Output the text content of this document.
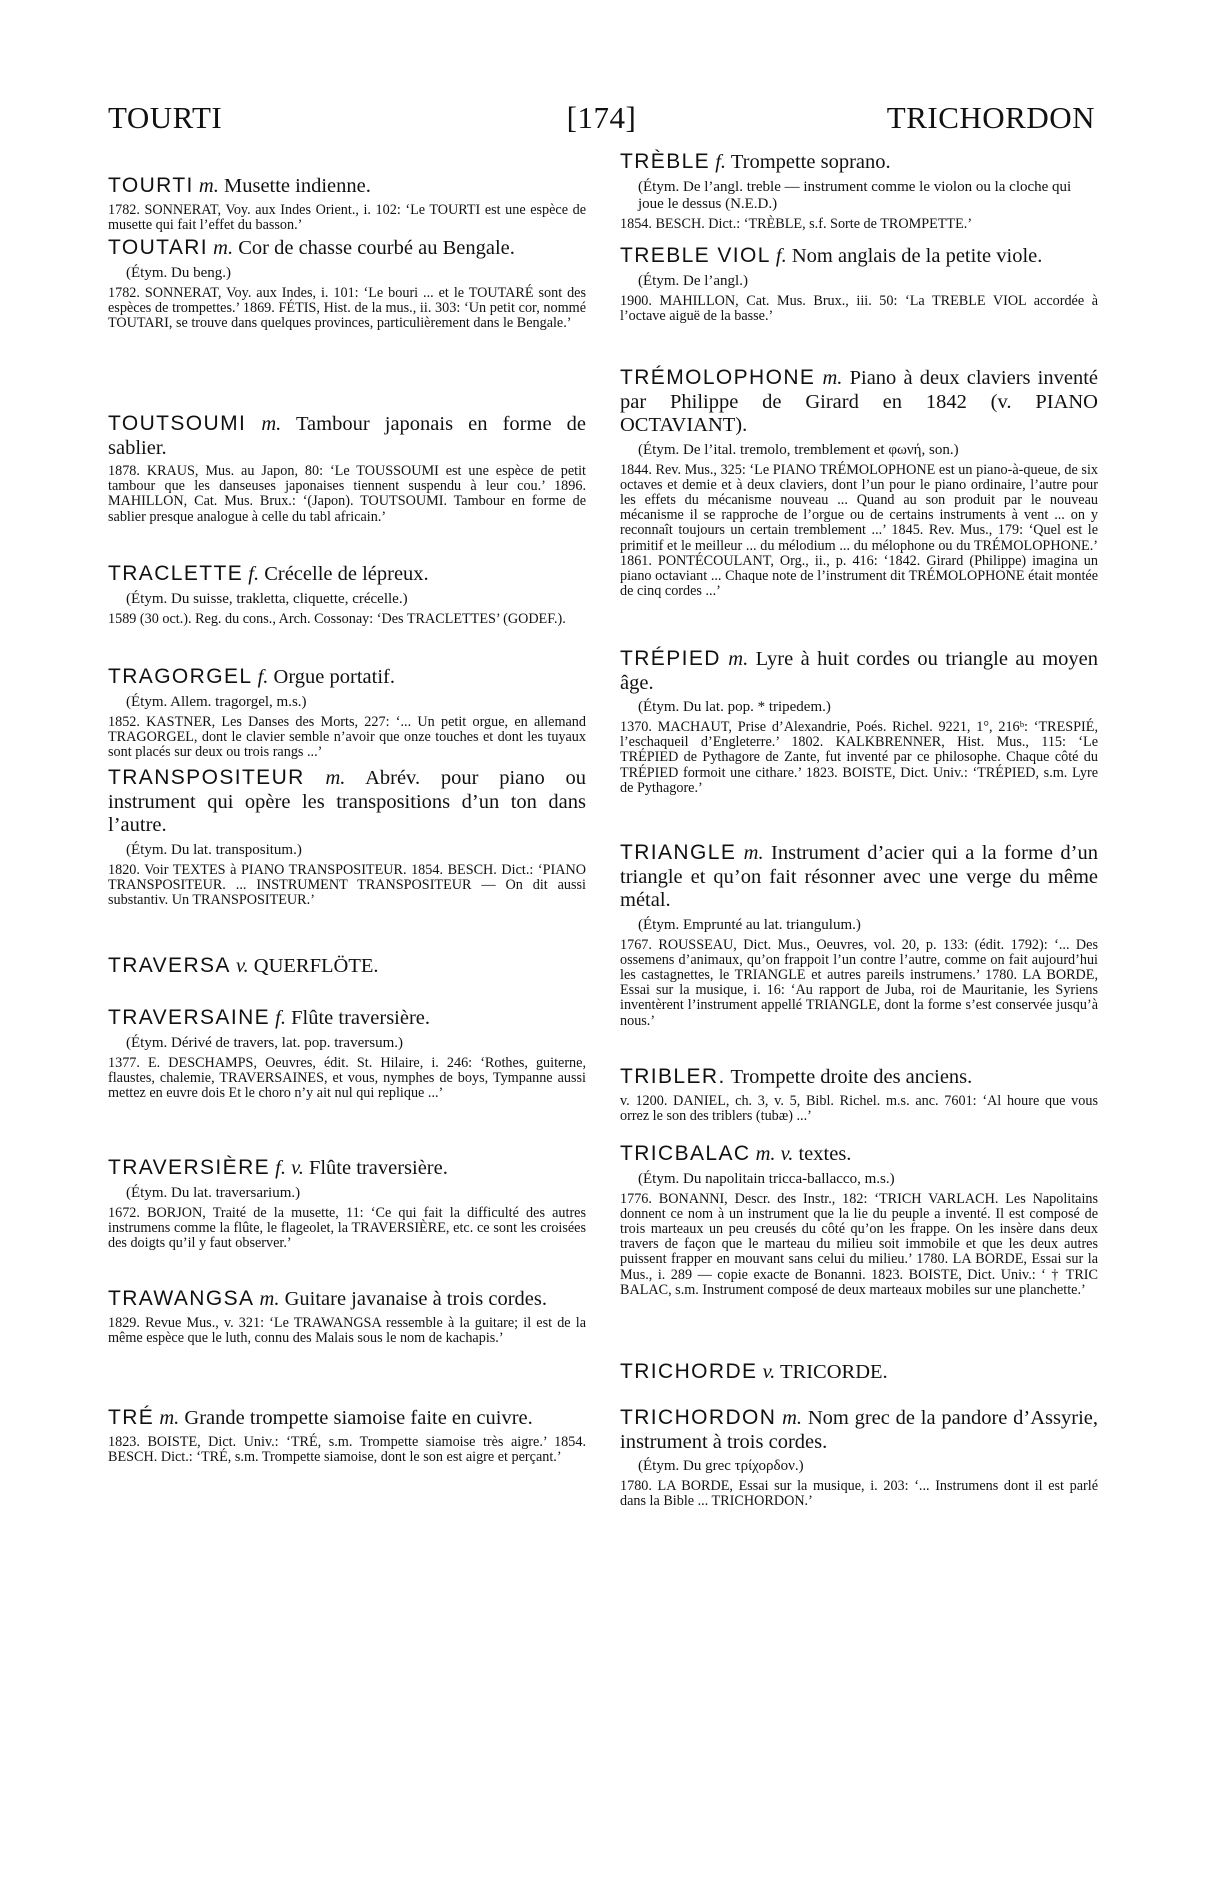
TOURTI	[174]	TRICHORDON

TOURTI m. Musette indienne.

1782. SONNERAT, Voy. aux Indes Orient., i. 102: ‘Le TOURTI est une espèce de musette qui fait l’effet du basson.’

TOUTARI m. Cor de chasse courbé au Bengale.

(Étym. Du beng.)

1782. SONNERAT, Voy. aux Indes, i. 101: ‘Le bouri ... et le TOUTARÉ sont des espèces de trompettes.’ 1869. FÉTIS, Hist. de la mus., ii. 303: ‘Un petit cor, nommé TOUTARI, se trouve dans quelques provinces, particulièrement dans le Bengale.’

TOUTSOUMI m. Tambour japonais en forme de sablier.

1878. KRAUS, Mus. au Japon, 80: ‘Le TOUSSOUMI est une espèce de petit tambour que les danseuses japonaises tiennent suspendu à leur cou.’ 1896. MAHILLON, Cat. Mus. Brux.: ‘(Japon). TOUTSOUMI. Tambour en forme de sablier presque analogue à celle du tabl africain.’

TRACLETTE f. Crécelle de lépreux.

(Étym. Du suisse, trakletta, cliquette, crécelle.)

1589 (30 oct.). Reg. du cons., Arch. Cossonay: ‘Des TRACLETTES’ (GODEF.).

TRAGORGEL f. Orgue portatif.

(Étym. Allem. tragorgel, m.s.)

1852. KASTNER, Les Danses des Morts, 227: ‘... Un petit orgue, en allemand TRAGORGEL, dont le clavier semble n’avoir que onze touches et dont les tuyaux sont placés sur deux ou trois rangs ...’

TRANSPOSITEUR m. Abrév. pour piano ou instrument qui opère les transpositions d’un ton dans l’autre.

(Étym. Du lat. transpositum.)

1820. Voir TEXTES à PIANO TRANSPOSITEUR. 1854. BESCH. Dict.: ‘PIANO TRANSPOSITEUR. ... INSTRUMENT TRANSPOSITEUR — On dit aussi substantiv. Un TRANSPOSITEUR.’

TRAVERSA v. QUERFLÖTE.

TRAVERSAINE f. Flûte traversière.

(Étym. Dérivé de travers, lat. pop. traversum.)

1377. E. DESCHAMPS, Oeuvres, édit. St. Hilaire, i. 246: ‘Rothes, guiterne, flaustes, chalemie, TRAVERSAINES, et vous, nymphes de boys, Tympanne aussi mettez en euvre dois Et le choro n’y ait nul qui replique ...’

TRAVERSIÈRE f. v. Flûte traversière.

(Étym. Du lat. traversarium.)

1672. BORJON, Traité de la musette, 11: ‘Ce qui fait la difficulté des autres instrumens comme la flûte, le flageolet, la TRAVERSIÈRE, etc. ce sont les croisées des doigts qu’il y faut observer.’

TRAWANGSA m. Guitare javanaise à trois cordes.

1829. Revue Mus., v. 321: ‘Le TRAWANGSA ressemble à la guitare; il est de la même espèce que le luth, connu des Malais sous le nom de kachapis.’

TRÉ m. Grande trompette siamoise faite en cuivre.

1823. BOISTE, Dict. Univ.: ‘TRÉ, s.m. Trompette siamoise très aigre.’ 1854. BESCH. Dict.: ‘TRÉ, s.m. Trompette siamoise, dont le son est aigre et perçant.’

TRÈBLE f. Trompette soprano.

(Étym. De l’angl. treble — instrument comme le violon ou la cloche qui joue le dessus (N.E.D.)

1854. BESCH. Dict.: ‘TRÈBLE, s.f. Sorte de TROMPETTE.’

TREBLE VIOL f. Nom anglais de la petite viole.

(Étym. De l’angl.)

1900. MAHILLON, Cat. Mus. Brux., iii. 50: ‘La TREBLE VIOL accordée à l’octave aiguë de la basse.’

TRÉMOLOPHONE m. Piano à deux claviers inventé par Philippe de Girard en 1842 (v. PIANO OCTAVIANT).

(Étym. De l’ital. tremolo, tremblement et φωνή, son.)

1844. Rev. Mus., 325: ‘Le PIANO TRÉMOLOPHONE est un piano-à-queue, de six octaves et demie et à deux claviers, dont l’un pour le piano ordinaire, l’autre pour les effets du mécanisme nouveau ... Quand au son produit par le nouveau mécanisme il se rapproche de l’orgue ou de certains instruments à vent ... on y reconnaît toujours un certain tremblement ...’ 1845. Rev. Mus., 179: ‘Quel est le primitif et le meilleur ... du mélodium ... du mélophone ou du TRÉMOLOPHONE.’ 1861. PONTÉCOULANT, Org., ii., p. 416: ‘1842. Girard (Philippe) imagina un piano octaviant ... Chaque note de l’instrument dit TRÉMOLOPHONE était montée de cinq cordes ...’

TRÉPIED m. Lyre à huit cordes ou triangle au moyen âge.

(Étym. Du lat. pop. * tripedem.)

1370. MACHAUT, Prise d’Alexandrie, Poés. Richel. 9221, 1°, 216ᵇ: ‘TRESPIÉ, l’eschaqueil d’Engleterre.’ 1802. KALKBRENNER, Hist. Mus., 115: ‘Le TRÉPIED de Pythagore de Zante, fut inventé par ce philosophe. Chaque côté du TRÉPIED formoit une cithare.’ 1823. BOISTE, Dict. Univ.: ‘TRÉPIED, s.m. Lyre de Pythagore.’

TRIANGLE m. Instrument d’acier qui a la forme d’un triangle et qu’on fait résonner avec une verge du même métal.

(Étym. Emprunté au lat. triangulum.)

1767. ROUSSEAU, Dict. Mus., Oeuvres, vol. 20, p. 133: (édit. 1792): ‘... Des ossemens d’animaux, qu’on frappoit l’un contre l’autre, comme on fait aujourd’hui les castagnettes, le TRIANGLE et autres pareils instrumens.’ 1780. LA BORDE, Essai sur la musique, i. 16: ‘Au rapport de Juba, roi de Mauritanie, les Syriens inventèrent l’instrument appellé TRIANGLE, dont la forme s’est conservée jusqu’à nous.’

TRIBLER. Trompette droite des anciens.

v. 1200. DANIEL, ch. 3, v. 5, Bibl. Richel. m.s. anc. 7601: ‘Al houre que vous orrez le son des triblers (tubæ) ...’

TRICBALAC m. v. textes.

(Étym. Du napolitain tricca-ballacco, m.s.)

1776. BONANNI, Descr. des Instr., 182: ‘TRICH VARLACH. Les Napolitains donnent ce nom à un instrument que la lie du peuple a inventé. Il est composé de trois marteaux un peu creusés du côté qu’on les frappe. On les insère dans deux travers de façon que le marteau du milieu soit immobile et que les deux autres puissent frapper en mouvant sans celui du milieu.’ 1780. LA BORDE, Essai sur la Mus., i. 289 — copie exacte de Bonanni. 1823. BOISTE, Dict. Univ.: ‘ † TRIC BALAC, s.m. Instrument composé de deux marteaux mobiles sur une planchette.’

TRICHORDE v. TRICORDE.

TRICHORDON m. Nom grec de la pandore d’Assyrie, instrument à trois cordes.

(Étym. Du grec τρίχορδον.)

1780. LA BORDE, Essai sur la musique, i. 203: ‘... Instrumens dont il est parlé dans la Bible ... TRICHORDON.’
